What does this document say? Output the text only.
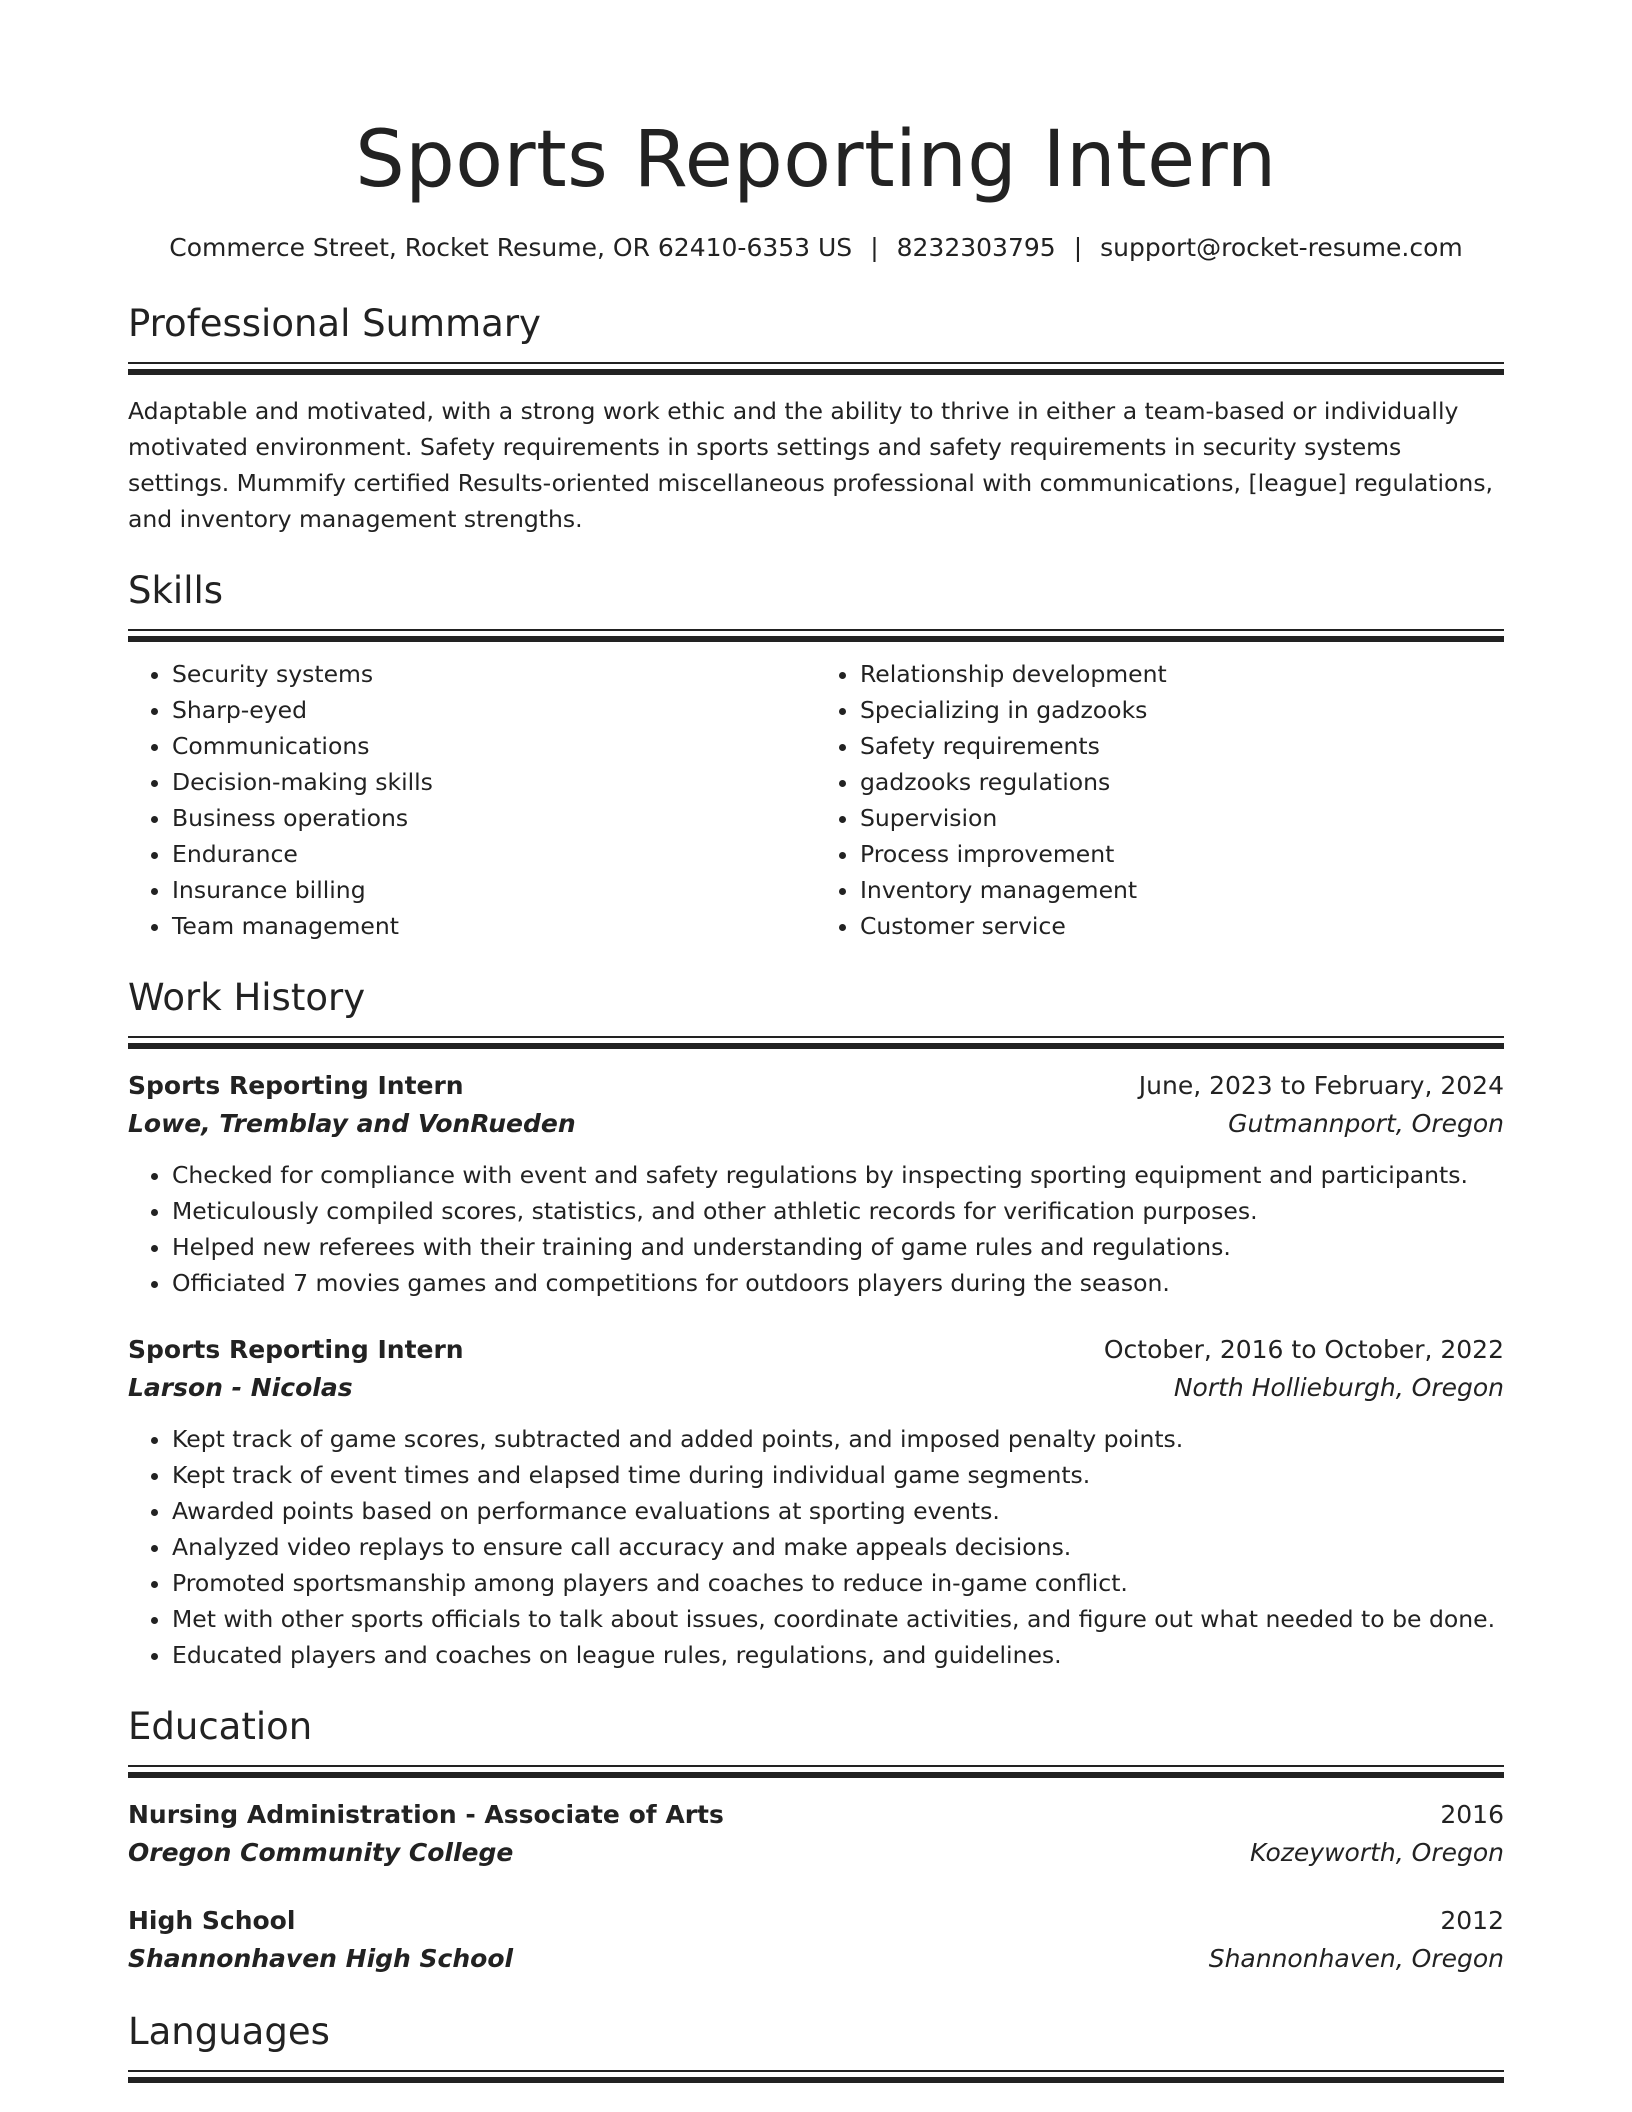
Sports Reporting Intern
Commerce Street, Rocket Resume, OR 62410-6353 US | 8232303795 | support@rocket-resume.com
Professional Summary

Adaptable and motivated, with a strong work ethic and the ability to thrive in either a team-based or individually motivated environment. Safety requirements in sports settings and safety requirements in security systems settings. Mummify certified Results-oriented miscellaneous professional with communications, [league] regulations, and inventory management strengths.

Skills
• Security systems
• Sharp-eyed
• Communications
• Decision-making skills
• Business operations
• Endurance
• Insurance billing
• Team management
• Relationship development
• Specializing in gadzooks
• Safety requirements
• gadzooks regulations
• Supervision
• Process improvement
• Inventory management
• Customer service
Work History
Sports Reporting Intern	June, 2023 to February, 2024
Lowe, Tremblay and VonRueden	Gutmannport, Oregon
• Checked for compliance with event and safety regulations by inspecting sporting equipment and participants.
• Meticulously compiled scores, statistics, and other athletic records for verification purposes.
• Helped new referees with their training and understanding of game rules and regulations.
• Officiated 7 movies games and competitions for outdoors players during the season.
Sports Reporting Intern	October, 2016 to October, 2022
Larson - Nicolas	North Hollieburgh, Oregon
• Kept track of game scores, subtracted and added points, and imposed penalty points.
• Kept track of event times and elapsed time during individual game segments.
• Awarded points based on performance evaluations at sporting events.
• Analyzed video replays to ensure call accuracy and make appeals decisions.
• Promoted sportsmanship among players and coaches to reduce in-game conflict.
• Met with other sports officials to talk about issues, coordinate activities, and figure out what needed to be done.
• Educated players and coaches on league rules, regulations, and guidelines.
Education
Nursing Administration - Associate of Arts	2016
Oregon Community College	Kozeyworth, Oregon
High School	2012
Shannonhaven High School	Shannonhaven, Oregon
Languages
